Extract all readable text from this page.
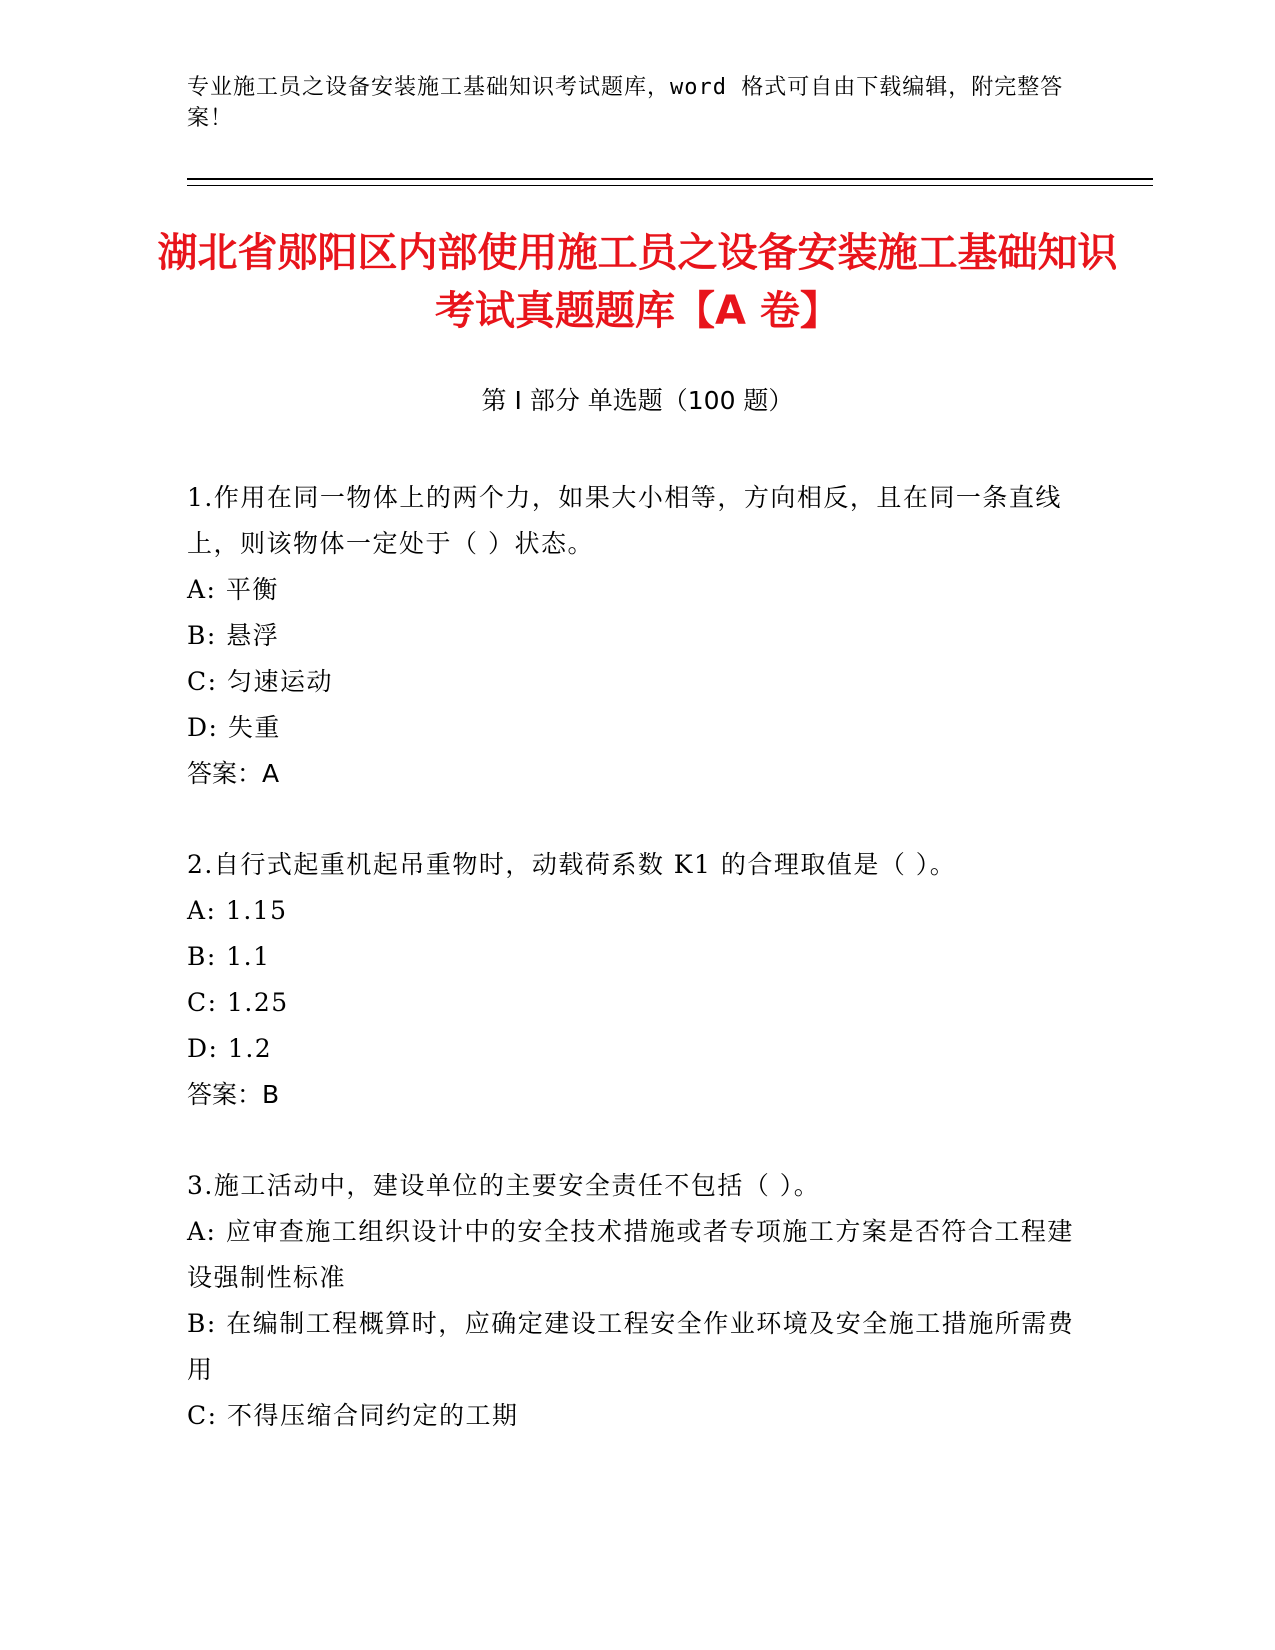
专业施工员之设备安装施工基础知识考试题库，word 格式可自由下载编辑，附完整答案！
湖北省郧阳区内部使用施工员之设备安装施工基础知识考试真题题库【A 卷】
第 I 部分 单选题（100 题）

1.作用在同一物体上的两个力，如果大小相等，方向相反，且在同一条直线上，则该物体一定处于（ ）状态。

A: 平衡

B: 悬浮

C: 匀速运动

D: 失重

答案：A

2.自行式起重机起吊重物时，动载荷系数 K1 的合理取值是（ ）。

A: 1.15

B: 1.1

C: 1.25

D: 1.2

答案：B

3.施工活动中，建设单位的主要安全责任不包括（ ）。

A: 应审查施工组织设计中的安全技术措施或者专项施工方案是否符合工程建设强制性标准

B: 在编制工程概算时，应确定建设工程安全作业环境及安全施工措施所需费用

C: 不得压缩合同约定的工期
